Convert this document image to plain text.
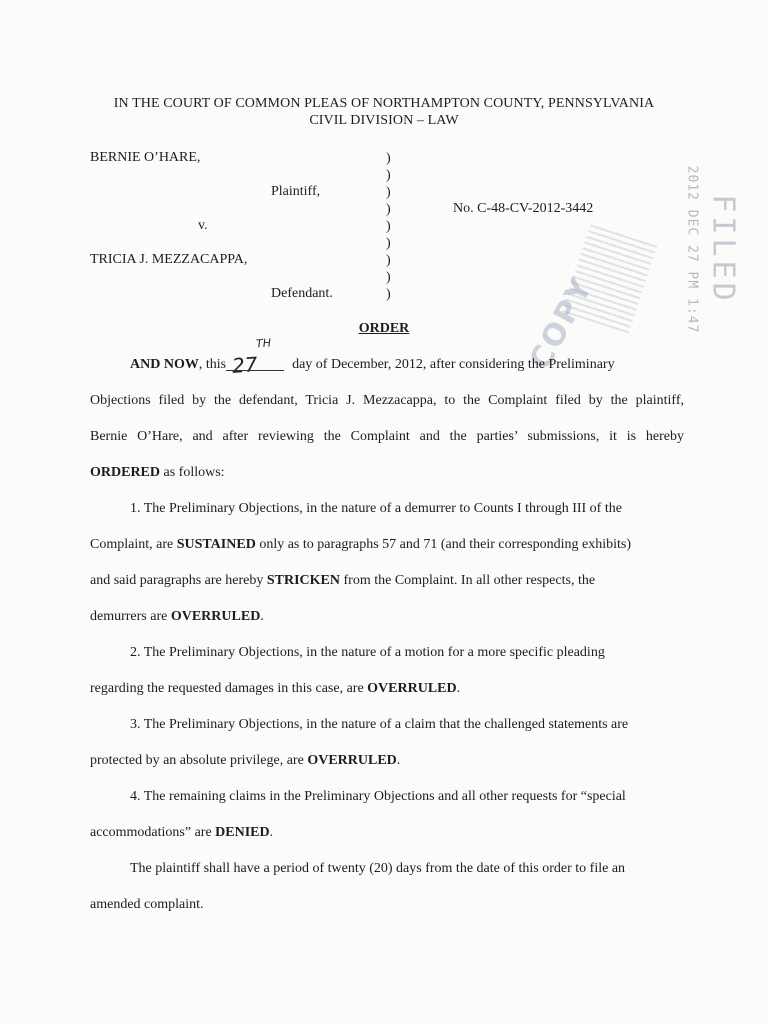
IN THE COURT OF COMMON PLEAS OF NORTHAMPTON COUNTY, PENNSYLVANIA
CIVIL DIVISION – LAW
BERNIE O’HARE,
Plaintiff,
v.
TRICIA J. MEZZACAPPA,
Defendant.
)
)
)
)
)
)
)
)
)
No. C-48-CV-2012-3442	2012 DEC 27 PM 1:47 FILED
COPY
ORDER
27
TH
AND NOW, this	day of December, 2012, after considering the Preliminary
Objections filed by the defendant, Tricia J. Mezzacappa, to the Complaint filed by the plaintiff,
Bernie O’Hare, and after reviewing the Complaint and the parties’ submissions, it is hereby
ORDERED as follows:
1. The Preliminary Objections, in the nature of a demurrer to Counts I through III of the
Complaint, are SUSTAINED only as to paragraphs 57 and 71 (and their corresponding exhibits)
and said paragraphs are hereby STRICKEN from the Complaint. In all other respects, the
demurrers are OVERRULED.
2. The Preliminary Objections, in the nature of a motion for a more specific pleading
regarding the requested damages in this case, are OVERRULED.
3. The Preliminary Objections, in the nature of a claim that the challenged statements are
protected by an absolute privilege, are OVERRULED.
4. The remaining claims in the Preliminary Objections and all other requests for “special
accommodations” are DENIED.
The plaintiff shall have a period of twenty (20) days from the date of this order to file an
amended complaint.
